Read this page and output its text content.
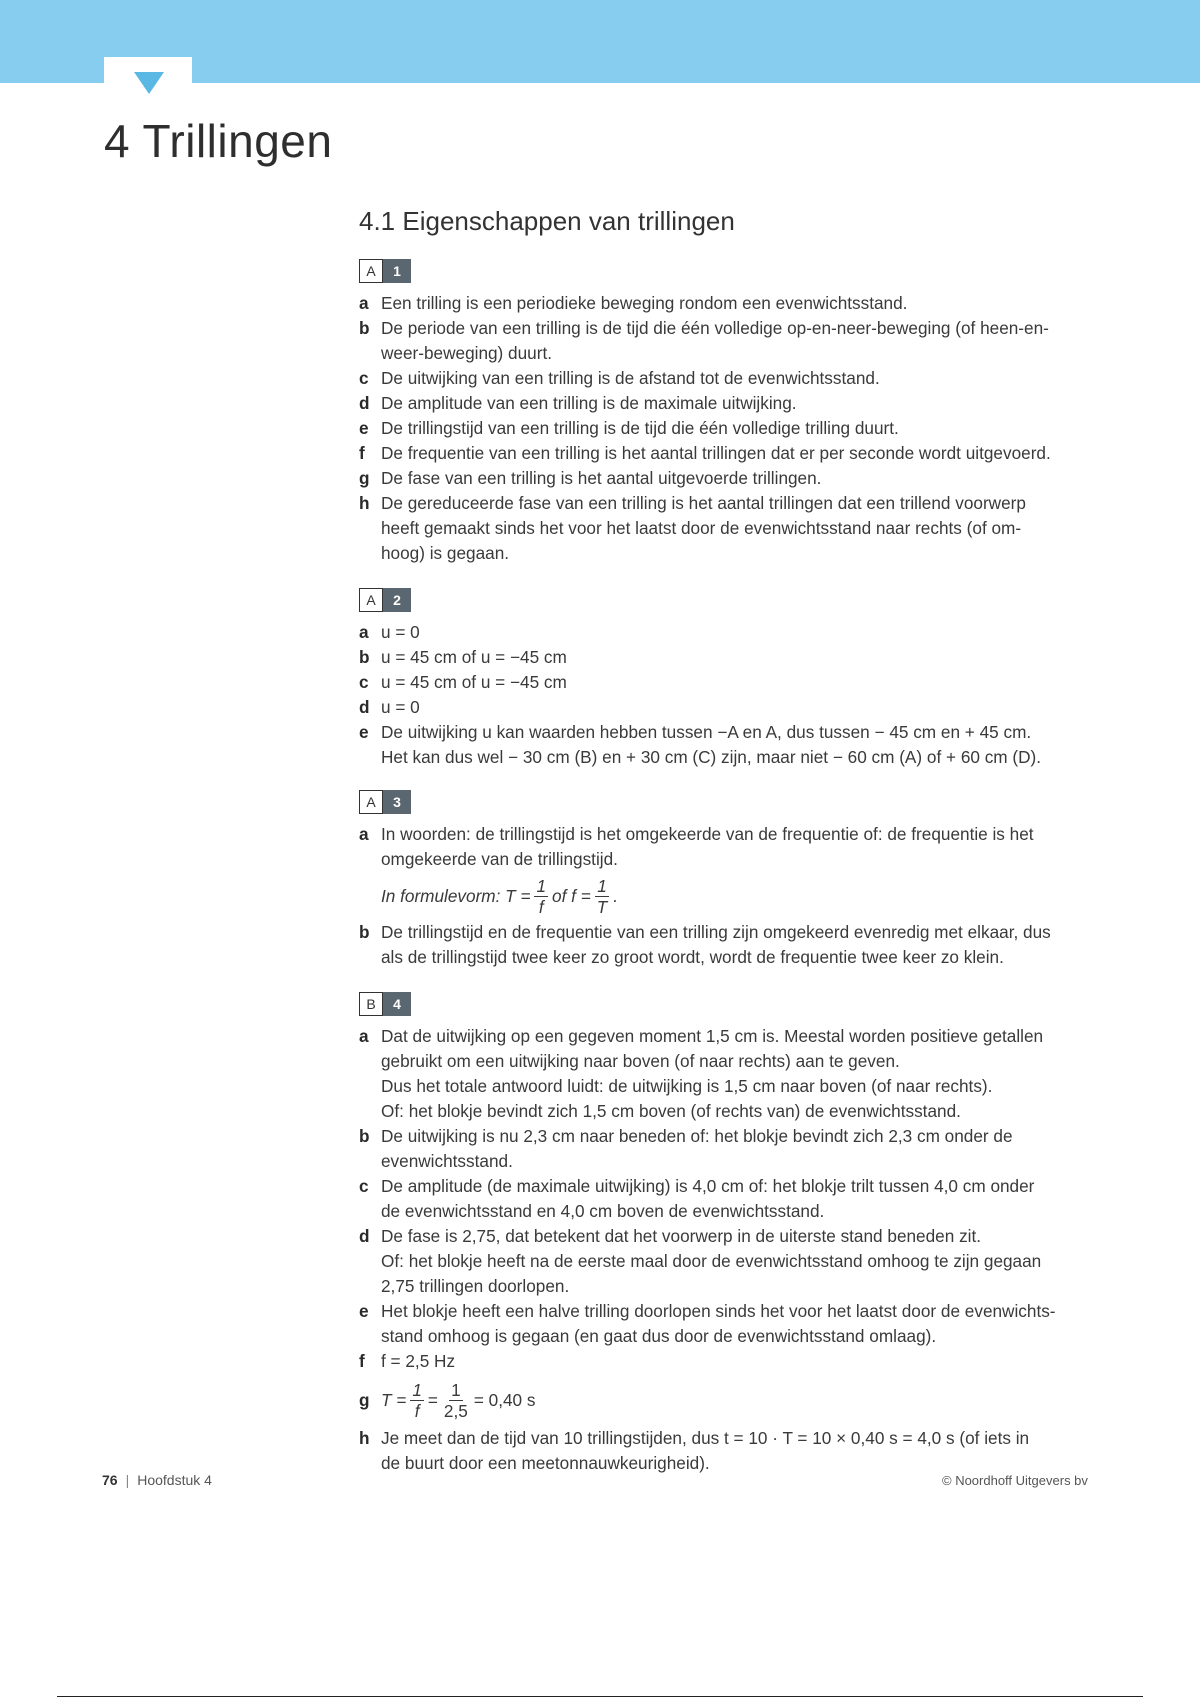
4 Trillingen
4.1 Eigenschappen van trillingen
A	1
a Een trilling is een periodieke beweging rondom een evenwichtsstand.
b De periode van een trilling is de tijd die één volledige op-en-neer-beweging (of heen-en-
weer-beweging) duurt.
c De uitwijking van een trilling is de afstand tot de evenwichtsstand.
d De amplitude van een trilling is de maximale uitwijking.
e De trillingstijd van een trilling is de tijd die één volledige trilling duurt.
f De frequentie van een trilling is het aantal trillingen dat er per seconde wordt uitgevoerd.
g De fase van een trilling is het aantal uitgevoerde trillingen.
h De gereduceerde fase van een trilling is het aantal trillingen dat een trillend voorwerp
heeft gemaakt sinds het voor het laatst door de evenwichtsstand naar rechts (of om-
hoog) is gegaan.
A	2
a u = 0
b u = 45 cm of u = −45 cm
c u = 45 cm of u = −45 cm
d u = 0
e De uitwijking u kan waarden hebben tussen −A en A, dus tussen − 45 cm en + 45 cm.
Het kan dus wel − 30 cm (B) en + 30 cm (C) zijn, maar niet − 60 cm (A) of + 60 cm (D).
A	3
a In woorden: de trillingstijd is het omgekeerde van de frequentie of: de frequentie is het
omgekeerde van de trillingstijd.
In formulevorm: $T = \frac{1}{f}$ of $f = \frac{1}{T}$ .
b De trillingstijd en de frequentie van een trilling zijn omgekeerd evenredig met elkaar, dus
als de trillingstijd twee keer zo groot wordt, wordt de frequentie twee keer zo klein.
B	4
a Dat de uitwijking op een gegeven moment 1,5 cm is. Meestal worden positieve getallen
gebruikt om een uitwijking naar boven (of naar rechts) aan te geven.
Dus het totale antwoord luidt: de uitwijking is 1,5 cm naar boven (of naar rechts).
Of: het blokje bevindt zich 1,5 cm boven (of rechts van) de evenwichtsstand.
b De uitwijking is nu 2,3 cm naar beneden of: het blokje bevindt zich 2,3 cm onder de
evenwichtsstand.
c De amplitude (de maximale uitwijking) is 4,0 cm of: het blokje trilt tussen 4,0 cm onder
de evenwichtsstand en 4,0 cm boven de evenwichtsstand.
d De fase is 2,75, dat betekent dat het voorwerp in de uiterste stand beneden zit.
Of: het blokje heeft na de eerste maal door de evenwichtsstand omhoog te zijn gegaan
2,75 trillingen doorlopen.
e Het blokje heeft een halve trilling doorlopen sinds het voor het laatst door de evenwichts-
stand omhoog is gegaan (en gaat dus door de evenwichtsstand omlaag).
f f = 2,5 Hz
g $T = \frac{1}{f} = \frac{1}{2,5} = 0,40$ s
h Je meet dan de tijd van 10 trillingstijden, dus t = 10 · T = 10 × 0,40 s = 4,0 s (of iets in
de buurt door een meetonnauwkeurigheid).
76 | Hoofdstuk 4	© Noordhoff Uitgevers bv
